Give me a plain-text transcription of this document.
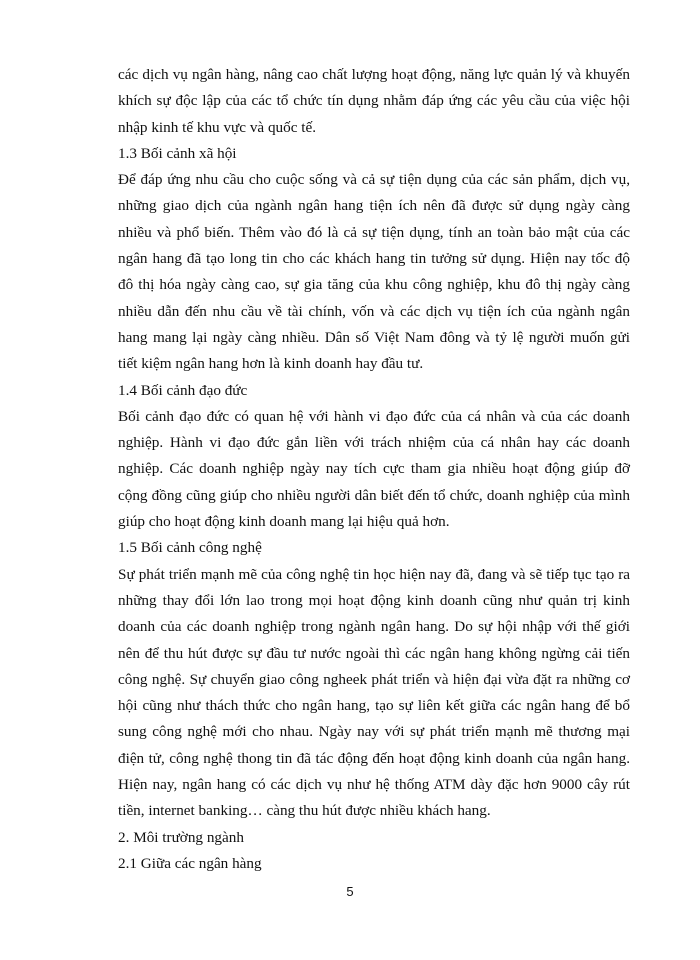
các dịch vụ ngân hàng, nâng cao chất lượng hoạt động, năng lực quản lý và khuyến
khích sự độc lập của các tổ chức tín dụng nhằm đáp ứng các yêu cầu của việc hội
nhập kinh tế khu vực và quốc tế.
1.3 Bối cảnh xã hội
Để đáp ứng nhu cầu cho cuộc sống và cả sự tiện dụng của các sản phẩm, dịch vụ,
những giao dịch của ngành ngân hang tiện ích nên đã được sử dụng ngày càng
nhiều và phổ biến. Thêm vào đó là cả sự tiện dụng, tính an toàn bảo mật của các
ngân hang đã tạo long tin cho các khách hang tin tưởng sử dụng. Hiện nay tốc độ
đô thị hóa ngày càng cao, sự gia tăng của khu công nghiệp, khu đô thị ngày càng
nhiều dẫn đến nhu cầu về tài chính, vốn và các dịch vụ tiện ích của ngành ngân
hang mang lại ngày càng nhiều. Dân số Việt Nam đông và tỷ lệ người muốn gửi
tiết kiệm ngân hang hơn là kinh doanh hay đầu tư.
1.4 Bối cảnh đạo đức
Bối cảnh đạo đức có quan hệ với hành vi đạo đức của cá nhân và của các doanh
nghiệp. Hành vi đạo đức gắn liền với trách nhiệm của cá nhân hay các doanh
nghiệp. Các doanh nghiệp ngày nay tích cực tham gia nhiều hoạt động giúp đỡ
cộng đồng cũng giúp cho nhiều người dân biết đến tổ chức, doanh nghiệp của mình
giúp cho hoạt động kinh doanh mang lại hiệu quả hơn.
1.5 Bối cảnh công nghệ
Sự phát triển mạnh mẽ của công nghệ tin học hiện nay đã, đang và sẽ tiếp tục tạo ra
những thay đổi lớn lao trong mọi hoạt động kinh doanh cũng như quản trị kinh
doanh của các doanh nghiệp trong ngành ngân hang. Do sự hội nhập với thế giới
nên để thu hút được sự đầu tư nước ngoài thì các ngân hang không ngừng cải tiến
công nghệ. Sự chuyển giao công ngheek phát triển và hiện đại vừa đặt ra những cơ
hội cũng như thách thức cho ngân hang, tạo sự liên kết giữa các ngân hang để bổ
sung công nghệ mới cho nhau. Ngày nay với sự phát triển mạnh mẽ thương mại
điện tử, công nghệ thong tin đã tác động đến hoạt động kinh doanh của ngân hang.
Hiện nay, ngân hang có các dịch vụ như hệ thống ATM dày đặc hơn 9000 cây rút
tiền, internet banking… càng thu hút được nhiều khách hang.
2. Môi trường ngành
2.1 Giữa các ngân hàng
5
